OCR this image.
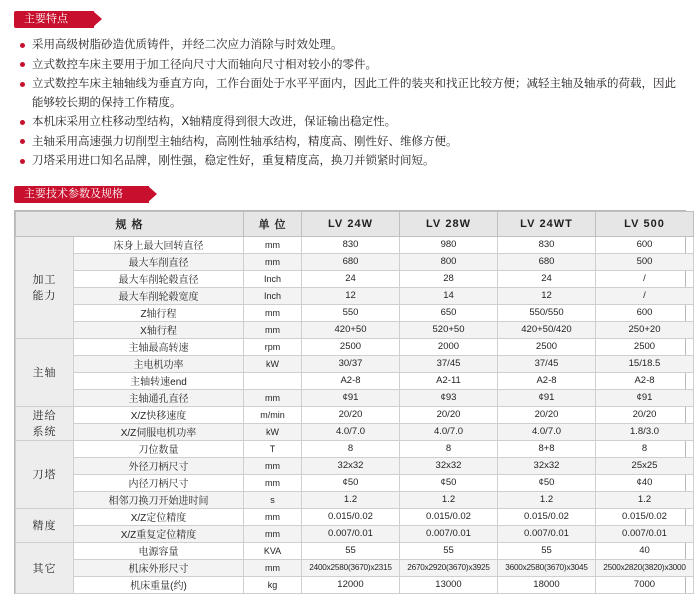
主要特点
采用高级树脂砂造优质铸件，并经二次应力消除与时效处理。
立式数控车床主要用于加工径向尺寸大而轴向尺寸相对较小的零件。
立式数控车床主轴轴线为垂直方向，工作台面处于水平平面内，因此工件的装夹和找正比较方便；减轻主轴及轴承的荷载，因此能够较长期的保持工作精度。
本机床采用立柱移动型结构，X轴精度得到很大改进，保证输出稳定性。
主轴采用高速强力切削型主轴结构，高刚性轴承结构，精度高、刚性好、维修方便。
刀塔采用进口知名品牌，刚性强，稳定性好，重复精度高，换刀并锁紧时间短。
主要技术参数及规格
规 格		单 位	LV 24W	LV 28W	LV 24WT	LV 500
加工
能力	床身上最大回转直径	mm	830	980	830	600
	最大车削直径	mm	680	800	680	500
	最大车削轮毂直径	Inch	24	28	24	/
	最大车削轮毂宽度	Inch	12	14	12	/
	Z轴行程	mm	550	650	550/550	600
	X轴行程	mm	420+50	520+50	420+50/420	250+20
主轴	主轴最高转速	rpm	2500	2000	2500	2500
	主电机功率	kW	30/37	37/45	37/45	15/18.5
	主轴转速end		A2-8	A2-11	A2-8	A2-8
	主轴通孔直径	mm	¢91	¢93	¢91	¢91
进给
系统	X/Z快移速度	m/min	20/20	20/20	20/20	20/20
	X/Z伺服电机功率	kW	4.0/7.0	4.0/7.0	4.0/7.0	1.8/3.0
刀塔	刀位数量	T	8	8	8+8	8
	外径刀柄尺寸	mm	32x32	32x32	32x32	25x25
	内径刀柄尺寸	mm	¢50	¢50	¢50	¢40
	相邻刀换刀开始进时间	s	1.2	1.2	1.2	1.2
精度	X/Z定位精度	mm	0.015/0.02	0.015/0.02	0.015/0.02	0.015/0.02
	X/Z重复定位精度	mm	0.007/0.01	0.007/0.01	0.007/0.01	0.007/0.01
其它	电源容量	KVA	55	55	55	40
	机床外形尺寸	mm	2400x2580(3670)x2315	2670x2920(3670)x3925	3600x2580(3670)x3045	2500x2820(3820)x3000
	机床重量(约)	kg	12000	13000	18000	7000
